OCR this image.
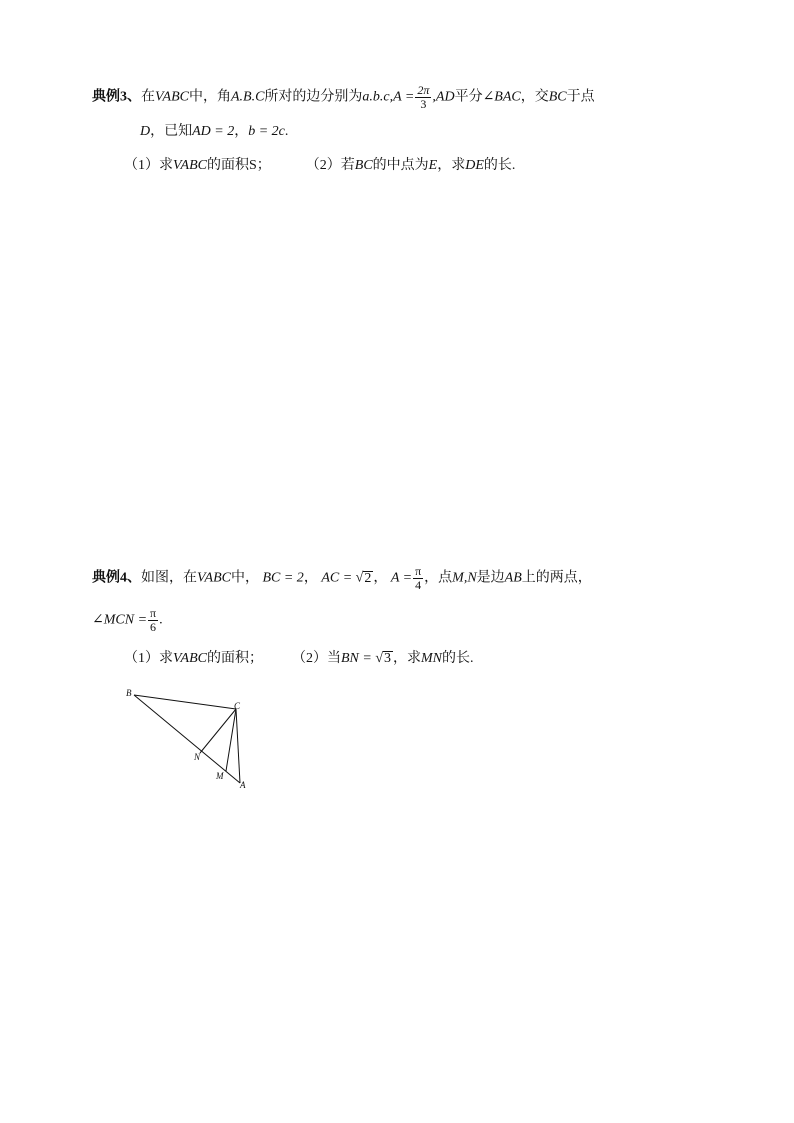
典例3、在VABC中，角A.B.C所对的边分别为$a.b.c,A = \frac{2\pi}{3} ,AD$平分∠BAC，交BC于点
D，已知AD = 2，b = 2c.
（1）求VABC的面积S；	（2）若BC的中点为E，求DE的长.
典例4、如图，在VABC中， BC = 2， AC = √2 ， $A = \frac{\pi}{4}$ ，点M,N是边AB上的两点，
∠MCN = $\frac{\pi}{6}$ .
（1）求VABC的面积； （2）当BN = √3 ，求MN的长.
B
C
N
M
A
